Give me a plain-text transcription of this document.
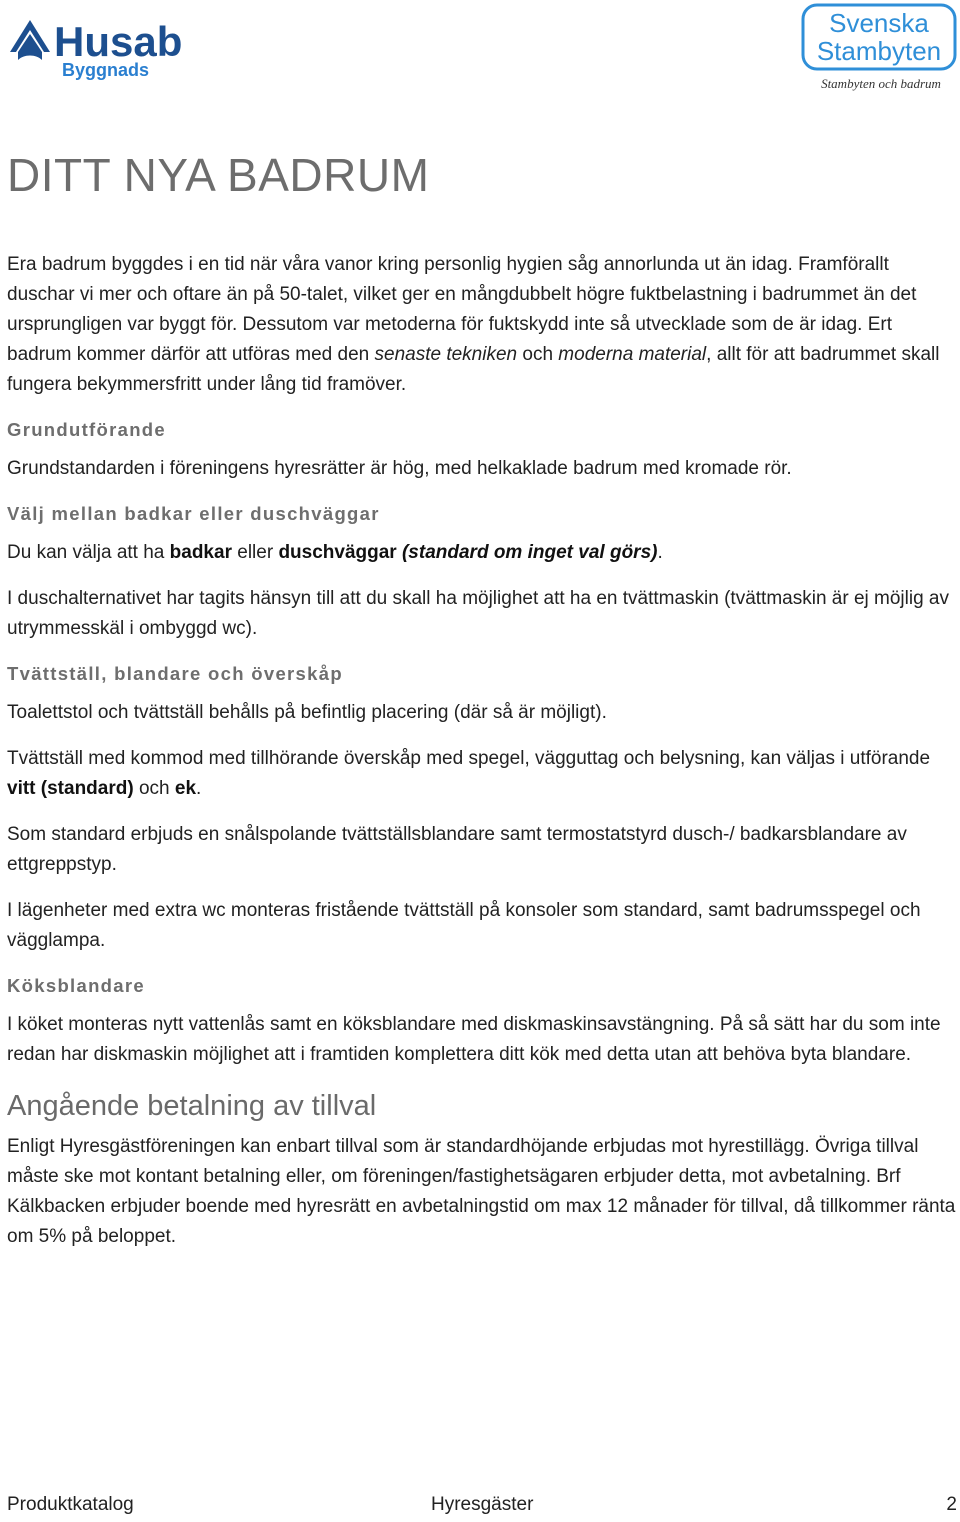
Husab
Byggnads
Svenska
Stambyten
Stambyten och badrum
DITT NYA BADRUM

Era badrum byggdes i en tid när våra vanor kring personlig hygien såg annorlunda ut än idag. Framförallt duschar vi mer och oftare än på 50-talet, vilket ger en mångdubbelt högre fuktbelastning i badrummet än det ursprungligen var byggt för. Dessutom var metoderna för fuktskydd inte så utvecklade som de är idag. Ert badrum kommer därför att utföras med den senaste tekniken och moderna material, allt för att badrummet skall fungera bekymmersfritt under lång tid framöver.

Grundutförande

Grundstandarden i föreningens hyresrätter är hög, med helkaklade badrum med kromade rör.

Välj mellan badkar eller duschväggar

Du kan välja att ha badkar eller duschväggar (standard om inget val görs).

I duschalternativet har tagits hänsyn till att du skall ha möjlighet att ha en tvättmaskin (tvättmaskin är ej möjlig av utrymmesskäl i ombyggd wc).

Tvättställ, blandare och överskåp

Toalettstol och tvättställ behålls på befintlig placering (där så är möjligt).

Tvättställ med kommod med tillhörande överskåp med spegel, vägguttag och belysning, kan väljas i utförande vitt (standard) och ek.

Som standard erbjuds en snålspolande tvättställsblandare samt termostatstyrd dusch-/ badkarsblandare av ettgreppstyp.

I lägenheter med extra wc monteras fristående tvättställ på konsoler som standard, samt badrumsspegel och vägglampa.

Köksblandare

I köket monteras nytt vattenlås samt en köksblandare med diskmaskinsavstängning. På så sätt har du som inte redan har diskmaskin möjlighet att i framtiden komplettera ditt kök med detta utan att behöva byta blandare.

Angående betalning av tillval

Enligt Hyresgästföreningen kan enbart tillval som är standardhöjande erbjudas mot hyrestillägg. Övriga tillval måste ske mot kontant betalning eller, om föreningen/fastighetsägaren erbjuder detta, mot avbetalning. Brf Kälkbacken erbjuder boende med hyresrätt en avbetalningstid om max 12 månader för tillval, då tillkommer ränta om 5% på beloppet.

Produktkatalog	Hyresgäster	2
